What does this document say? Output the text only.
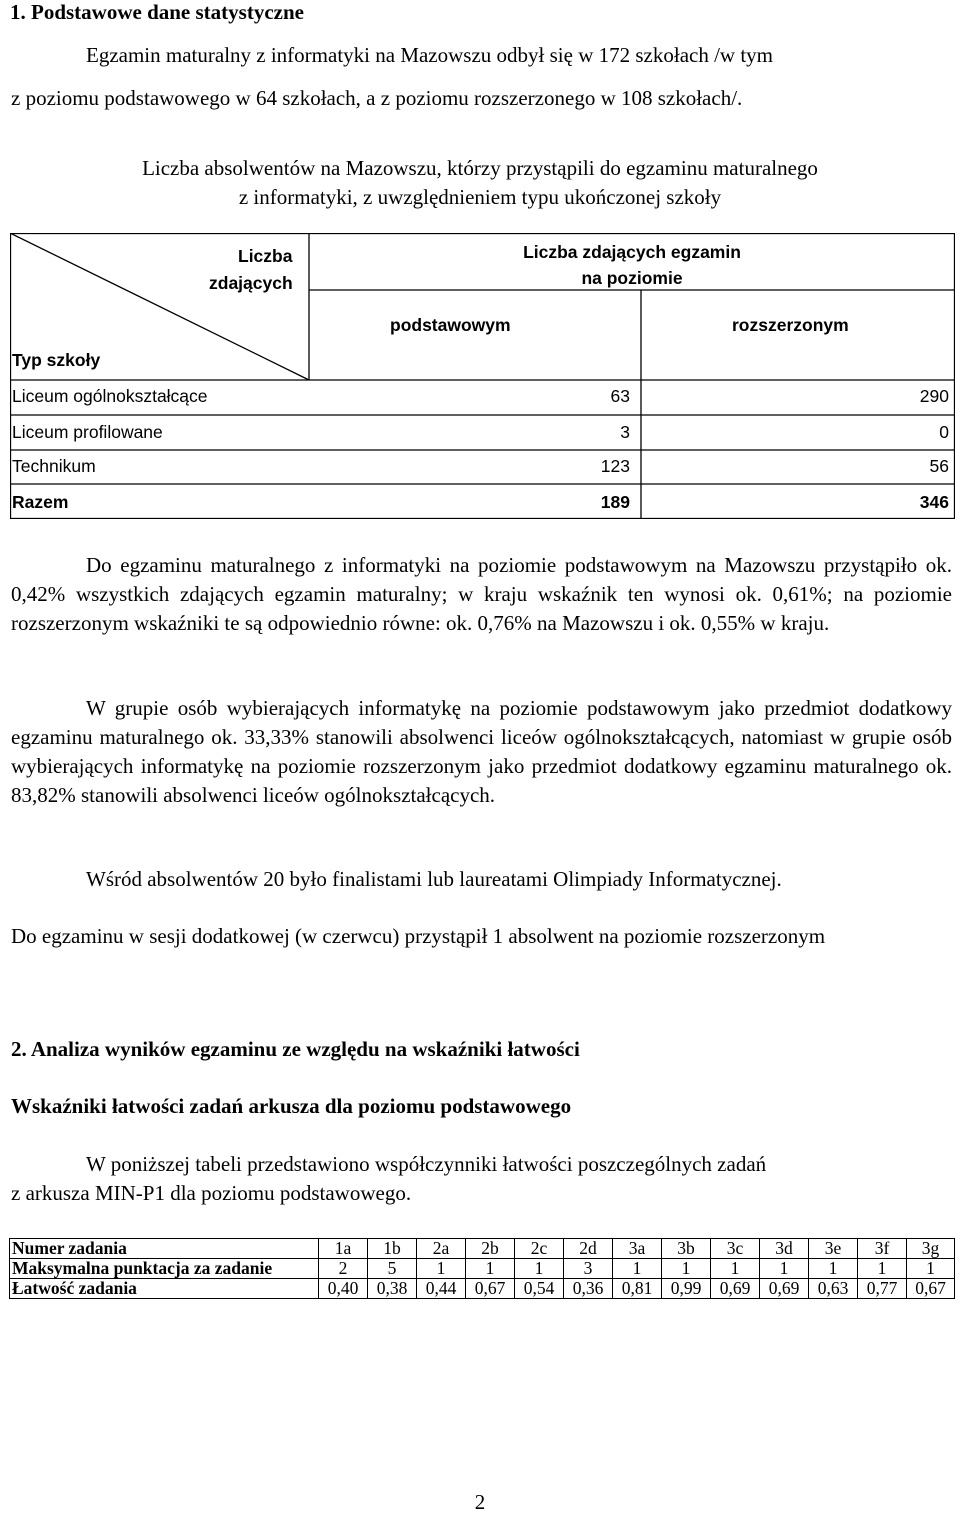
1. Podstawowe dane statystyczne
Egzamin maturalny z informatyki na Mazowszu odbył się w 172 szkołach /w tym
z poziomu podstawowego w 64 szkołach, a z poziomu rozszerzonego w 108 szkołach/.
Liczba absolwentów na Mazowszu, którzy przystąpili do egzaminu maturalnego
z informatyki, z uwzględnieniem typu ukończonej szkoły
Liczba
zdających
Typ szkoły
Liczba zdających egzamin
na poziomie
podstawowym	rozszerzonym
Liceum ogólnokształcące	63	290
Liceum profilowane	3	0
Technikum	123	56
Razem	189	346
Do egzaminu maturalnego z informatyki na poziomie podstawowym na Mazowszu przystąpiło ok. 0,42% wszystkich zdających egzamin maturalny; w kraju wskaźnik ten wynosi ok. 0,61%; na poziomie rozszerzonym wskaźniki te są odpowiednio równe: ok. 0,76% na Mazowszu i ok. 0,55% w kraju.
W grupie osób wybierających informatykę na poziomie podstawowym jako przedmiot dodatkowy egzaminu maturalnego ok. 33,33% stanowili absolwenci liceów ogólnokształcących, natomiast w grupie osób wybierających informatykę na poziomie rozszerzonym jako przedmiot dodatkowy egzaminu maturalnego ok. 83,82% stanowili absolwenci liceów ogólnokształcących.
Wśród absolwentów 20 było finalistami lub laureatami Olimpiady Informatycznej.
Do egzaminu w sesji dodatkowej (w czerwcu) przystąpił 1 absolwent na poziomie rozszerzonym
2. Analiza wyników egzaminu ze względu na wskaźniki łatwości
Wskaźniki łatwości zadań arkusza dla poziomu podstawowego
W poniższej tabeli przedstawiono współczynniki łatwości poszczególnych zadań
z arkusza MIN-P1 dla poziomu podstawowego.
Numer zadania	1a	1b	2a	2b	2c	2d	3a	3b	3c	3d	3e	3f	3g
Maksymalna punktacja za zadanie	2	5	1	1	1	3	1	1	1	1	1	1	1
Łatwość zadania	0,40	0,38	0,44	0,67	0,54	0,36	0,81	0,99	0,69	0,69	0,63	0,77	0,67
2
